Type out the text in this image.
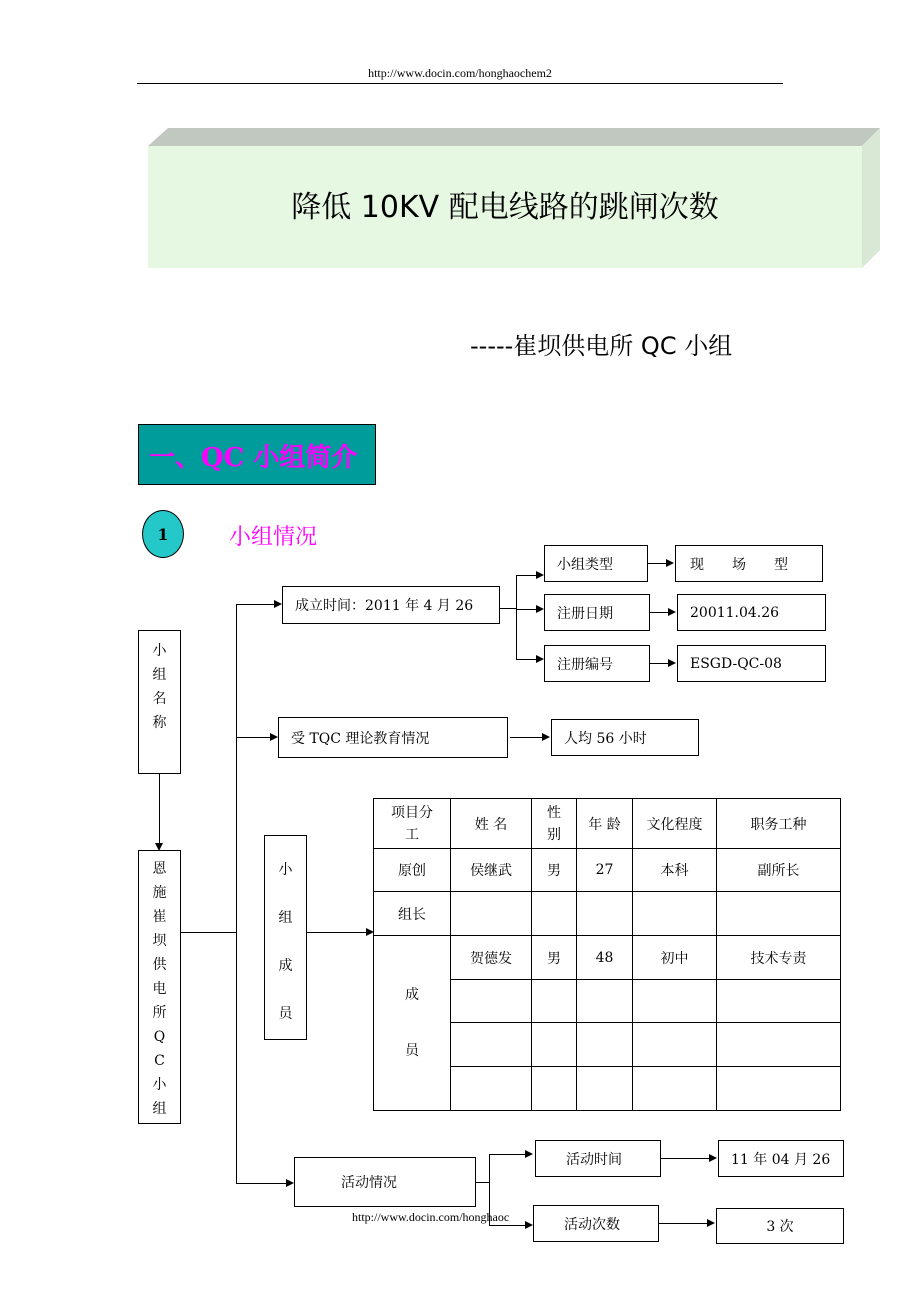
http://www.docin.com/honghaochem2
降低 10KV 配电线路的跳闸次数
-----崔坝供电所 QC 小组
一、QC 小组简介
1	小组情况
小
组
名
称
恩
施
崔
坝
供
电
所
Q
C
小
组
成立时间：2011 年 4 月 26
小组类型	现　　场　　型
注册日期	20011.04.26
注册编号	ESGD-QC-08
受 TQC 理论教育情况	人均 56 小时
小
组
成
员
项目分工	姓 名	性别	年 龄	文化程度	职务工种
原创	侯继武	男	27	本科	副所长
组长					

成
员	贺德发	男	48	初中	技术专责

活动情况
活动时间	11 年 04 月 26
活动次数	3 次
http://www.docin.com/honghaoc
